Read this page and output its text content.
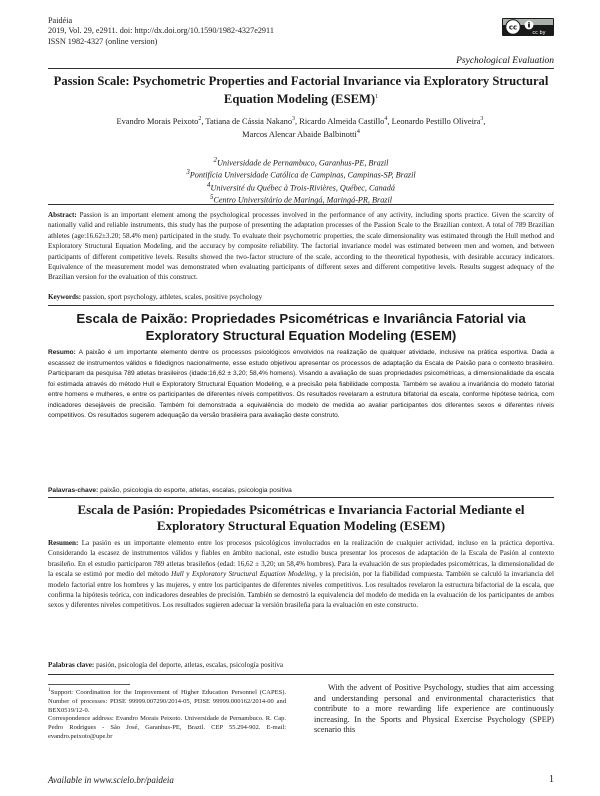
Paidéia
2019, Vol. 29, e2911. doi: http://dx.doi.org/10.1590/1982-4327e2911
ISSN 1982-4327 (online version)
cc
cc by
Psychological Evaluation
Passion Scale: Psychometric Properties and Factorial Invariance via Exploratory Structural Equation Modeling (ESEM)$^1$
Evandro Morais Peixoto$^2$, Tatiana de Cássia Nakano$^3$, Ricardo Almeida Castillo$^4$, Leonardo Pestillo Oliveira$^3$,
Marcos Alencar Abaide Balbinotti$^4$
$^2$Universidade de Pernambuco, Garanhus-PE, Brazil
$^3$Pontifícia Universidade Católica de Campinas, Campinas-SP, Brazil
$^4$Université du Québec à Trois-Rivières, Québec, Canadá
$^5$Centro Universitário de Maringá, Maringá-PR, Brazil
Abstract: Passion is an important element among the psychological processes involved in the performance of any activity, including sports practice. Given the scarcity of nationally valid and reliable instruments, this study has the purpose of presenting the adaptation processes of the Passion Scale to the Brazilian context. A total of 789 Brazilian athletes (age:16.62±3.20; 58.4% men) participated in the study. To evaluate their psychometric properties, the scale dimensionality was estimated through the Hull method and Exploratory Structural Equation Modeling, and the accuracy by composite reliability. The factorial invariance model was estimated between men and women, and between participants of different competitive levels. Results showed the two-factor structure of the scale, according to the theoretical hypothesis, with desirable accuracy indicators. Equivalence of the measurement model was demonstrated when evaluating participants of different sexes and different competitive levels. Results suggest adequacy of the Brazilian version for the evaluation of this construct.
Keywords: passion, sport psychology, athletes, scales, positive psychology
Escala de Paixão: Propriedades Psicométricas e Invariância Fatorial via Exploratory Structural Equation Modeling (ESEM)
Resumo: A paixão é um importante elemento dentre os processos psicológicos envolvidos na realização de qualquer atividade, inclusive na prática esportiva. Dada a escassez de instrumentos válidos e fidedignos nacionalmente, esse estudo objetivou apresentar os processos de adaptação da Escala de Paixão para o contexto brasileiro. Participaram da pesquisa 789 atletas brasileiros (idade:16,62 ± 3,20; 58,4% homens). Visando a avaliação de suas propriedades psicométricas, a dimensionalidade da escala foi estimada através do método Hull e Exploratory Structural Equation Modeling, e a precisão pela fiabilidade composta. Também se avaliou a invariância do modelo fatorial entre homens e mulheres, e entre os participantes de diferentes níveis competitivos. Os resultados revelaram a estrutura bifatorial da escala, conforme hipótese teórica, com indicadores desejáveis de precisão. Também foi demonstrada a equivalência do modelo de medida ao avaliar participantes dos diferentes sexos e diferentes níveis competitivos. Os resultados sugerem adequação da versão brasileira para avaliação deste construto.
Palavras-chave: paixão, psicologia do esporte, atletas, escalas, psicologia positiva
Escala de Pasión: Propiedades Psicométricas e Invariancia Factorial Mediante el Exploratory Structural Equation Modeling (ESEM)
Resumen: La pasión es un importante elemento entre los procesos psicológicos involucrados en la realización de cualquier actividad, incluso en la práctica deportiva. Considerando la escasez de instrumentos válidos y fiables en ámbito nacional, este estudio busca presentar los procesos de adaptación de la Escala de Pasión al contexto brasileño. En el estudio participaron 789 atletas brasileños (edad: 16,62 ± 3,20; un 58,4% hombres). Para la evaluación de sus propiedades psicométricas, la dimensionalidad de la escala se estimó por medio del método Hull y Exploratory Structural Equation Modeling, y la precisión, por la fiabilidad compuesta. También se calculó la invariancia del modelo factorial entre los hombres y las mujeres, y entre los participantes de diferentes niveles competitivos. Los resultados revelaron la estructura bifactorial de la escala, que confirma la hipótesis teórica, con indicadores deseables de precisión. También se demostró la equivalencia del modelo de medida en la evaluación de los participantes de ambos sexos y diferentes niveles competitivos. Los resultados sugieren adecuar la versión brasileña para la evaluación en este constructo.
Palabras clave: pasión, psicología del deporte, atletas, escalas, psicología positiva

$^1$Support: Coordination for the Improvement of Higher Education Personnel (CAPES). Number of processes: PDSE 99999.007290/2014-05, PDSE 99999.000162/2014-00 and BEX0519/12-0.

Correspondence address: Evandro Morais Peixoto. Universidade de Pernambuco. R. Cap. Pedro Rodrigues - São José, Garanhus-PE, Brazil. CEP 55.294-902. E-mail: evandro.peixoto@upe.br

With the advent of Positive Psychology, studies that aim accessing and understanding personal and environmental characteristics that contribute to a more rewarding life experience are continuously increasing. In the Sports and Physical Exercise Psychology (SPEP) scenario this

Available in www.scielo.br/paideia	1
